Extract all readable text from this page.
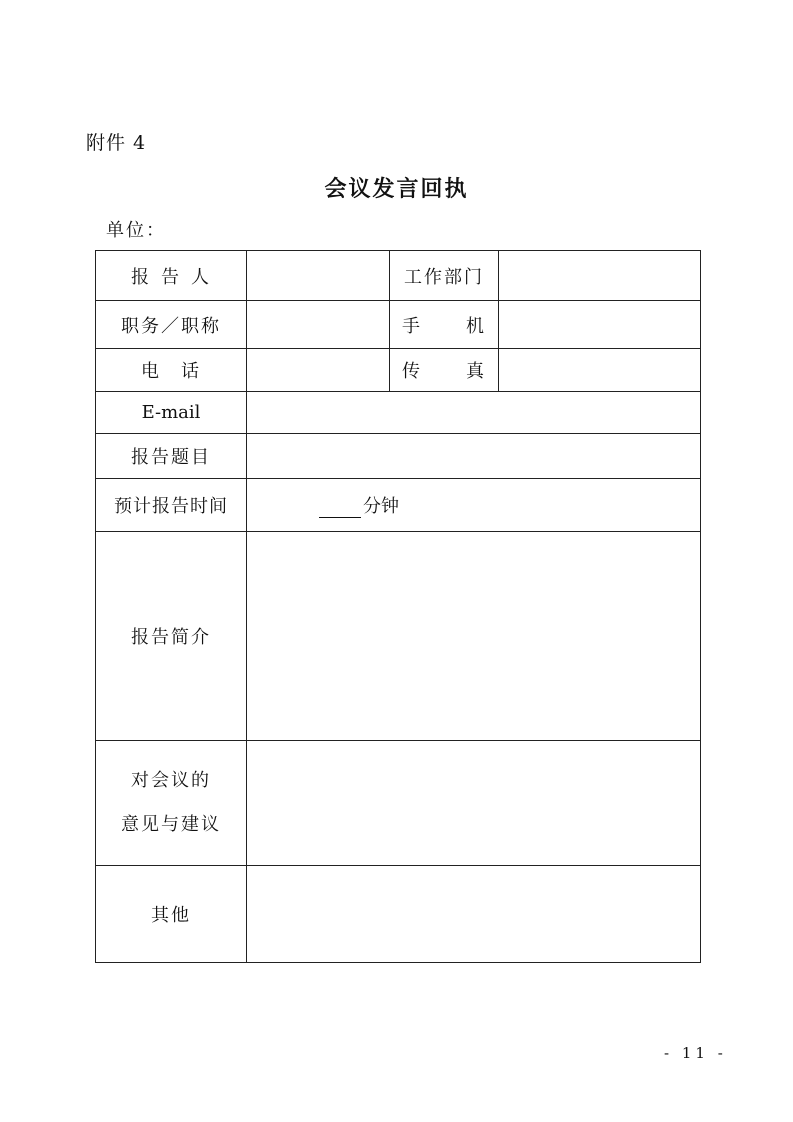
附件 4
会议发言回执
单位：
报 告 人		工作部门	
职务／职称		手 机	
电 话		传 真	
E-mail			
报告题目			
预计报告时间	分钟		

报告简介			

对会议的
意见与建议			

其他			
- 11 -
